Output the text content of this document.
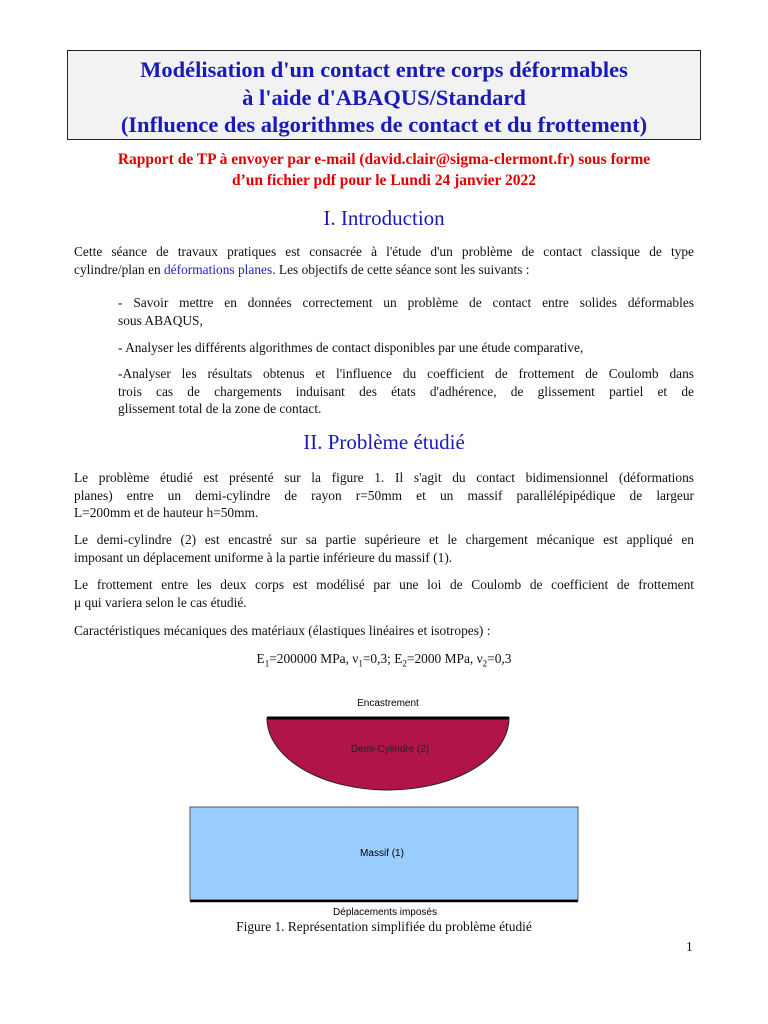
Modélisation d'un contact entre corps déformables
à l'aide d'ABAQUS/Standard
(Influence des algorithmes de contact et du frottement)
Rapport de TP à envoyer par e-mail (david.clair@sigma-clermont.fr) sous forme
d’un fichier pdf pour le Lundi 24 janvier 2022
I. Introduction
Cette séance de travaux pratiques est consacrée à l'étude d'un problème de contact classique de type
cylindre/plan en déformations planes. Les objectifs de cette séance sont les suivants :
- Savoir mettre en données correctement un problème de contact entre solides déformables
sous ABAQUS,
- Analyser les différents algorithmes de contact disponibles par une étude comparative,
-Analyser les résultats obtenus et l'influence du coefficient de frottement de Coulomb dans
trois cas de chargements induisant des états d'adhérence, de glissement partiel et de
glissement total de la zone de contact.
II. Problème étudié
Le problème étudié est présenté sur la figure 1. Il s'agit du contact bidimensionnel (déformations
planes) entre un demi-cylindre de rayon r=50mm et un massif parallélépipédique de largeur
L=200mm et de hauteur h=50mm.
Le demi-cylindre (2) est encastré sur sa partie supérieure et le chargement mécanique est appliqué en
imposant un déplacement uniforme à la partie inférieure du massif (1).
Le frottement entre les deux corps est modélisé par une loi de Coulomb de coefficient de frottement
μ qui variera selon le cas étudié.
Caractéristiques mécaniques des matériaux (élastiques linéaires et isotropes) :
$E_1=200000$ MPa, $\nu_1=0,3$; $E_2=2000$ MPa, $\nu_2=0,3$
Encastrement
Demi-Cylindre (2)
Massif (1)
Déplacements imposés
Figure 1. Représentation simplifiée du problème étudié
1
